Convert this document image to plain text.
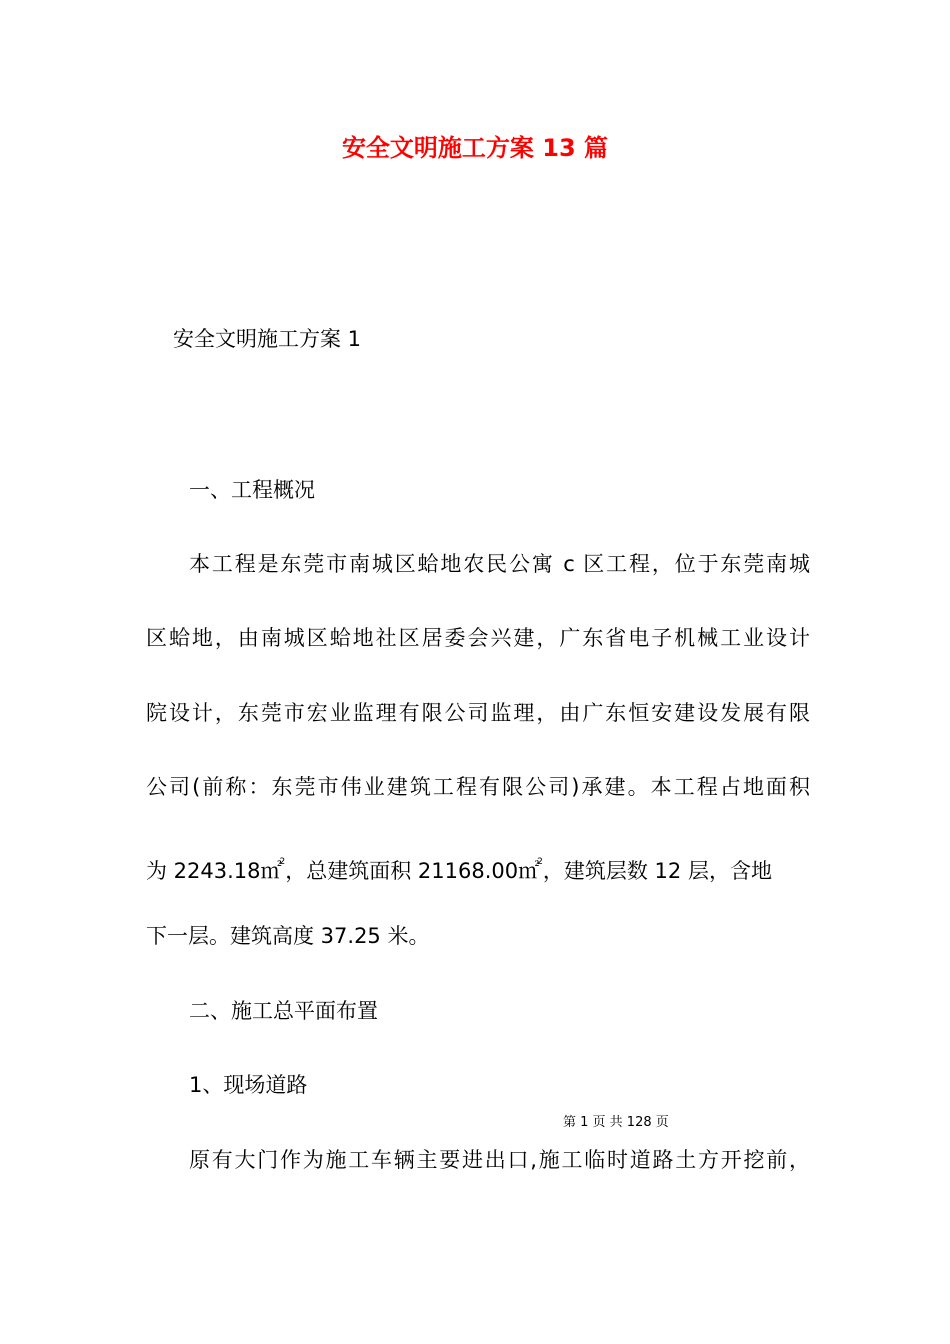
安全文明施工方案 13 篇
安全文明施工方案 1
一、工程概况
本工程是东莞市南城区蛤地农民公寓 c 区工程，位于东莞南城
区蛤地，由南城区蛤地社区居委会兴建，广东省电子机械工业设计
院设计，东莞市宏业监理有限公司监理，由广东恒安建设发展有限
公司(前称：东莞市伟业建筑工程有限公司)承建。本工程占地面积
为 2243.18㎡$^2$，总建筑面积 21168.00㎡$^2$，建筑层数 12 层，含地
下一层。建筑高度 37.25 米。
二、施工总平面布置
1、现场道路
第 1 页 共 128 页
原有大门作为施工车辆主要进出口,施工临时道路土方开挖前，
